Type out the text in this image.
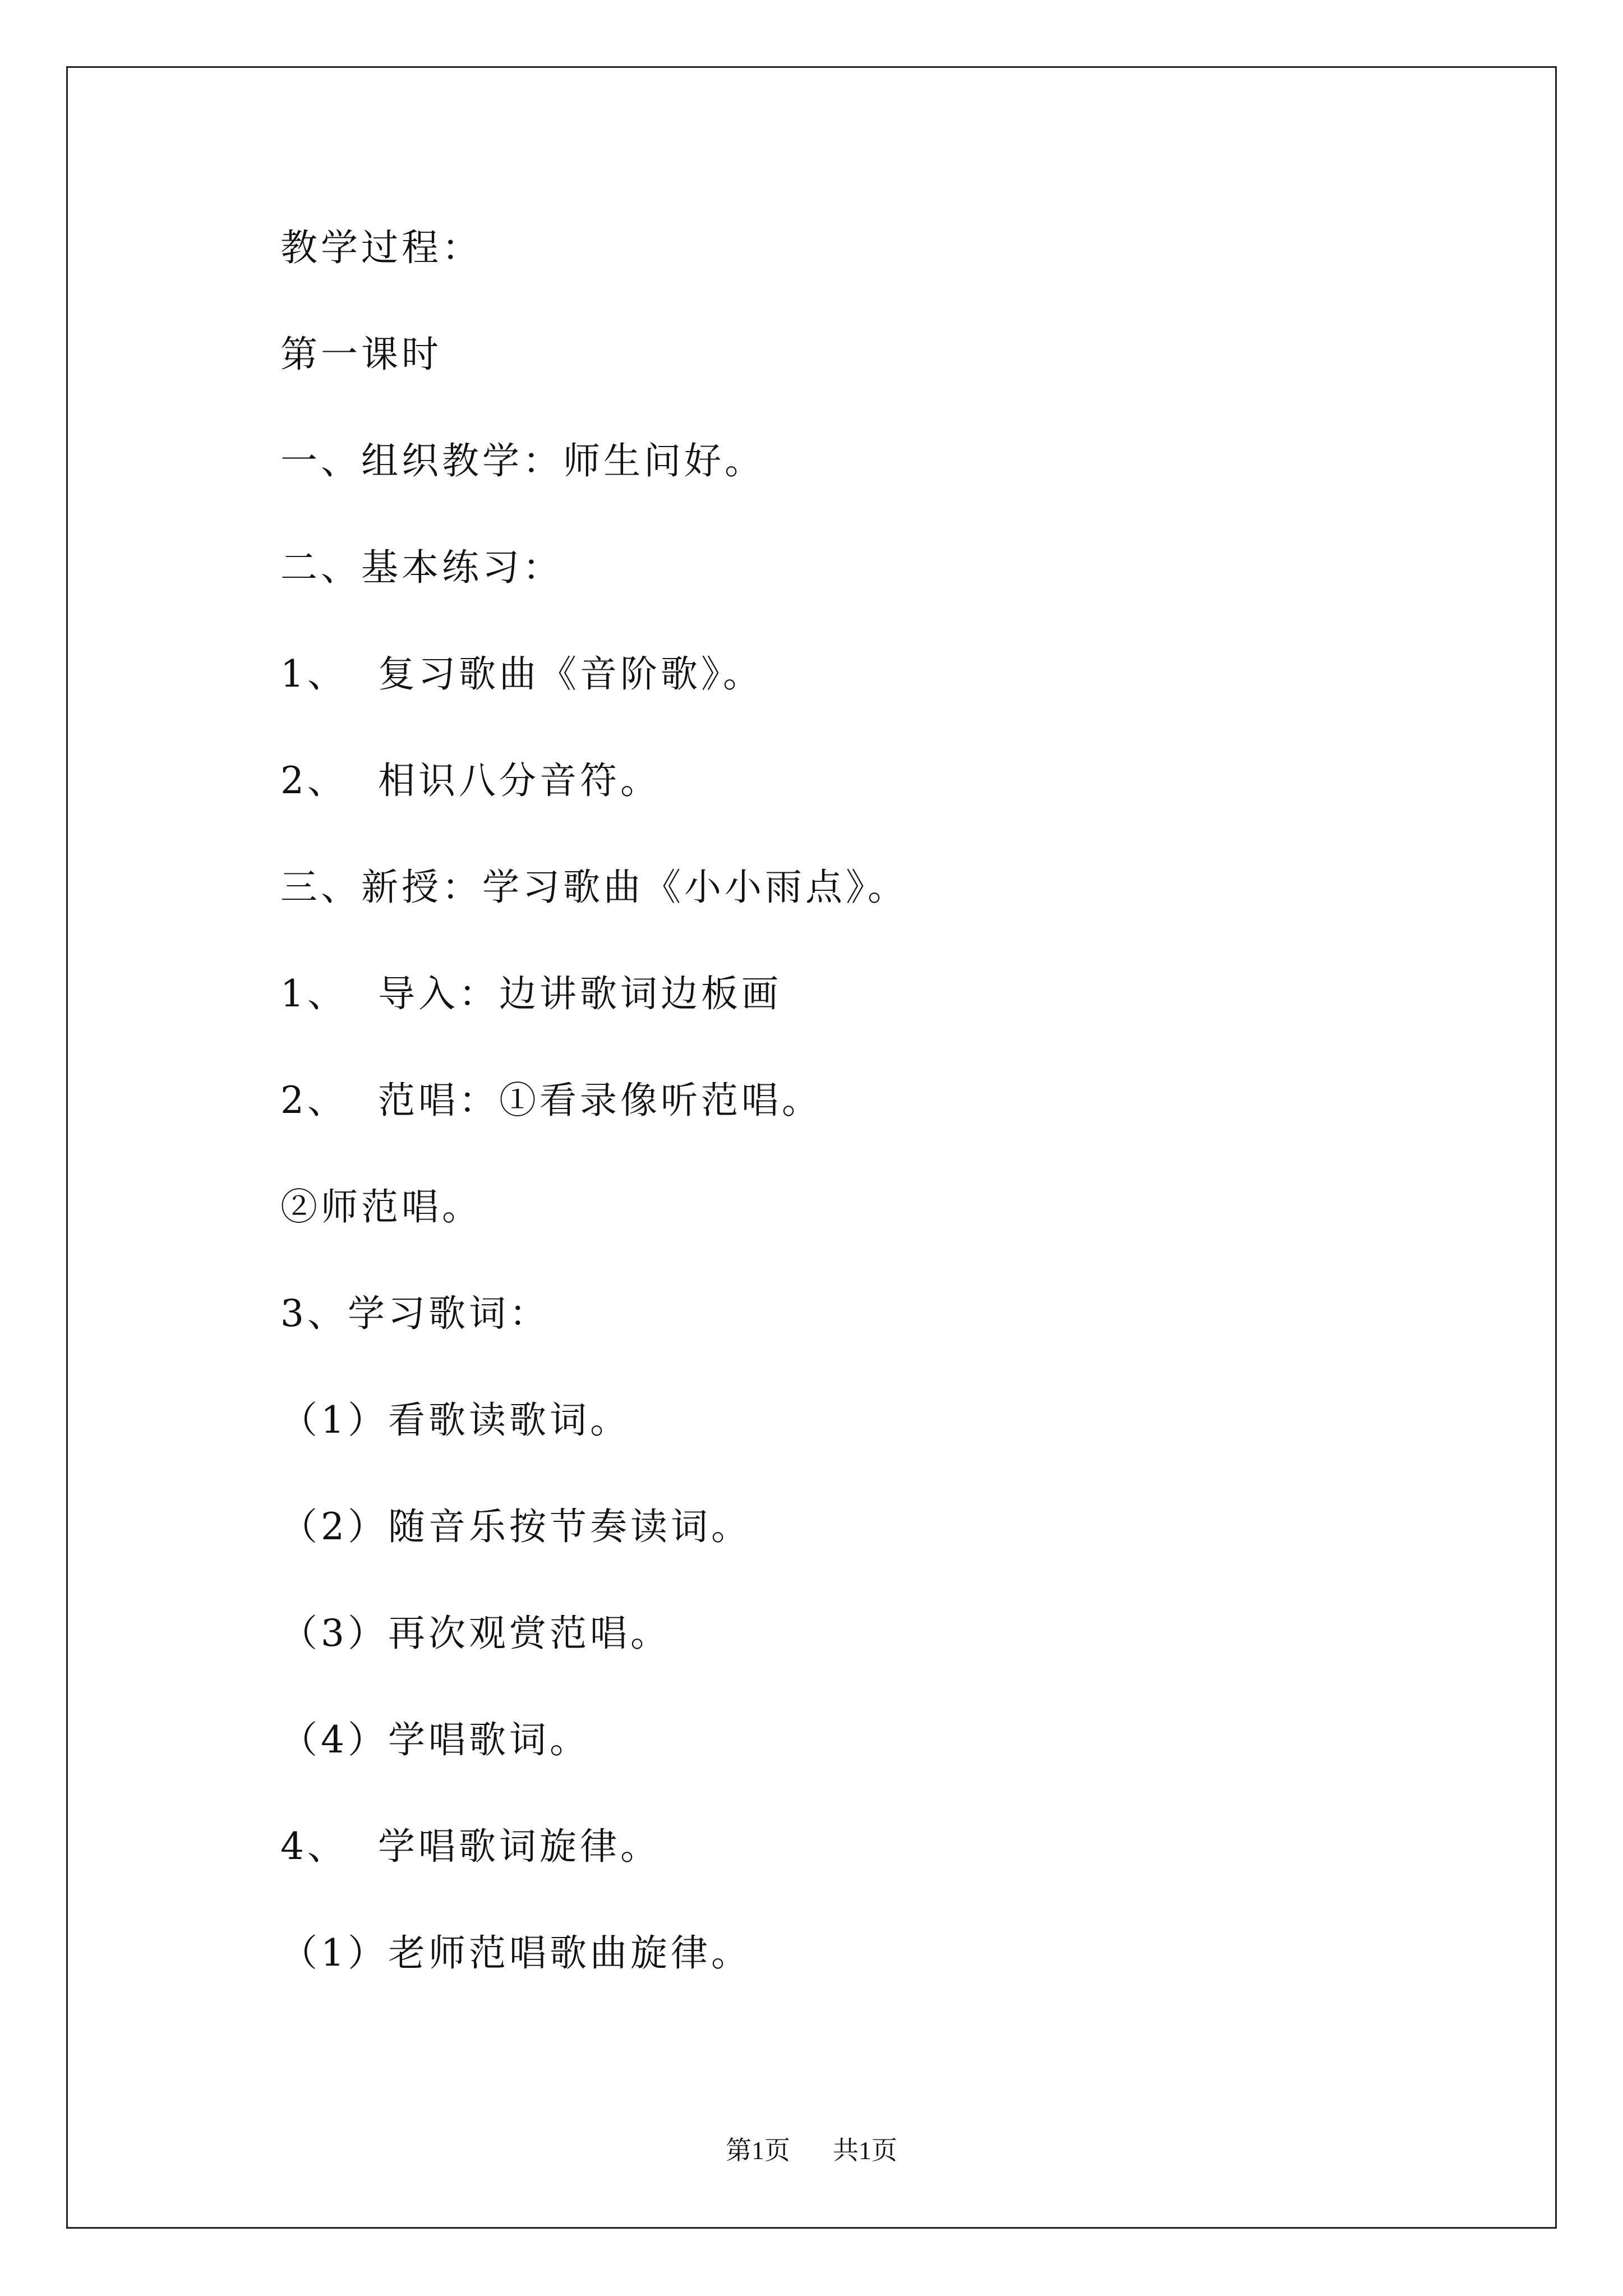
教学过程：
第一课时
一、组织教学：师生问好。
二、基本练习：
1、  复习歌曲《音阶歌》。
2、  相识八分音符。
三、新授：学习歌曲《小小雨点》。
1、  导入：边讲歌词边板画
2、  范唱：①看录像听范唱。
②师范唱。
3、学习歌词：
（1）看歌读歌词。
（2）随音乐按节奏读词。
（3）再次观赏范唱。
（4）学唱歌词。
4、  学唱歌词旋律。
（1）老师范唱歌曲旋律。
第1页 共1页
